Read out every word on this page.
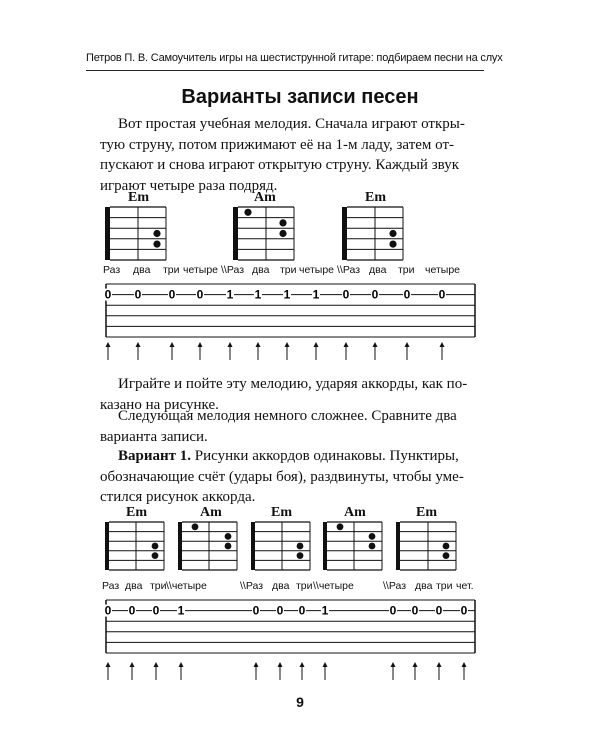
Петров П. В. Самоучитель игры на шестиструнной гитаре: подбираем песни на слух
Варианты записи песен
Вот простая учебная мелодия. Сначала играют откры-
тую струну, потом прижимают её на 1-м ладу, затем от-
пускают и снова играют открытую струну. Каждый звук
играют четыре раза подряд.
Em	Am	Em
0 0 0 0 1 1 1 1 0 0 0 0
0 0 0 1	0 0 0 1	0 0 0 0
Раз два три четыре \\Раз два три четыре \\Раз два три четыре
Играйте и пойте эту мелодию, ударяя аккорды, как по-
казано на рисунке.
Следующая мелодия немного сложнее. Сравните два
варианта записи.
Вариант 1. Рисунки аккордов одинаковы. Пунктиры,
обозначающие счёт (удары боя), раздвинуты, чтобы уме-
стился рисунок аккорда.
Em	Am	Em	Am	Em
Раз два три \\четыре	\\Раз два три \\четыре	\\Раз два три чет.
9
